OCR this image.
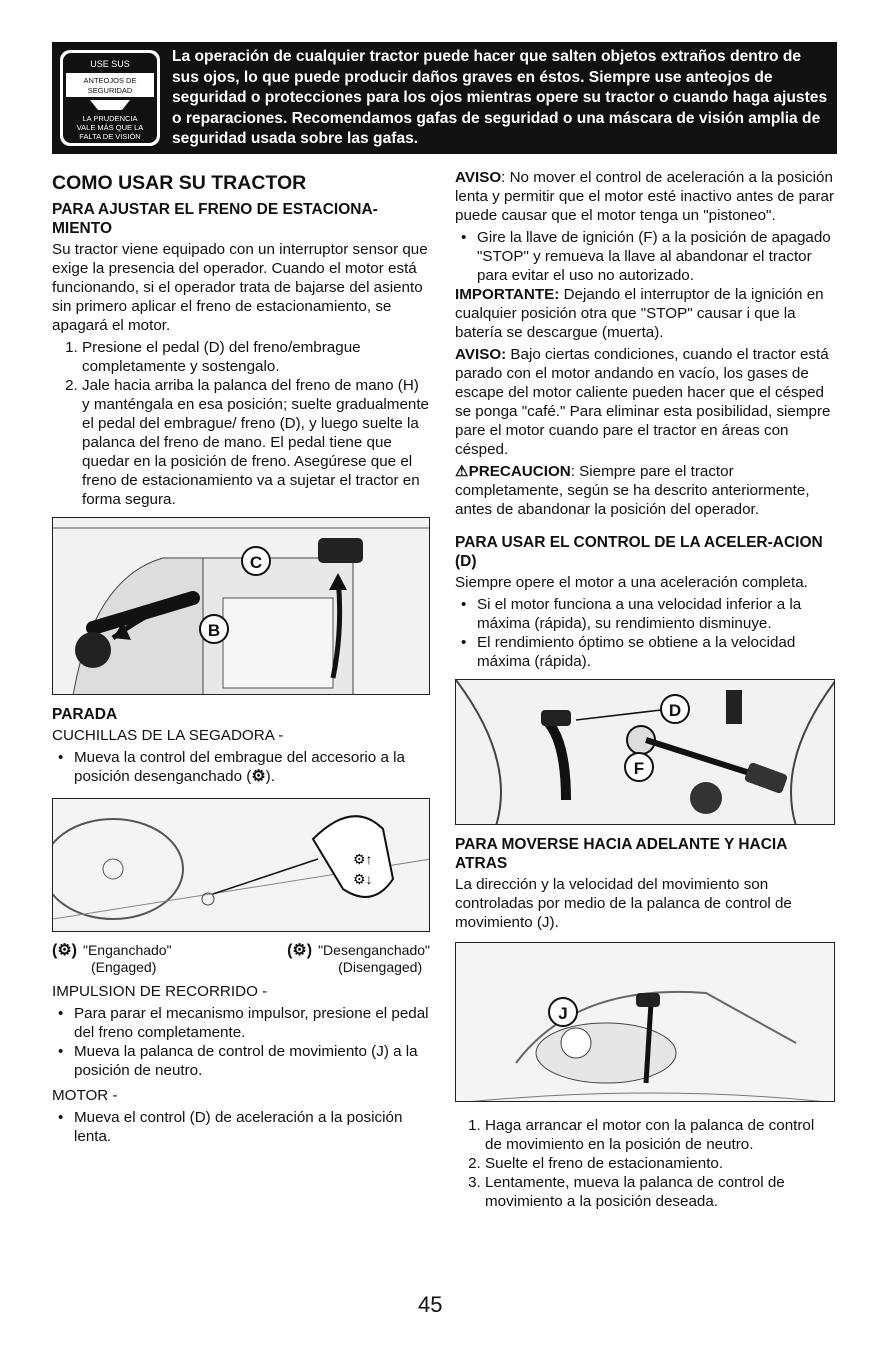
USE SUS
ANTEOJOS DE
SEGURIDAD
LA PRUDENCIA
VALE MÁS QUE LA
FALTA DE VISIÓN
La operación de cualquier tractor puede hacer que salten objetos extraños dentro de sus ojos, lo que puede producir daños graves en éstos. Siempre use anteojos de seguridad o protecciones para los ojos mientras opere su tractor o cuando haga ajustes o reparaciones. Recomendamos gafas de seguridad o una máscara de visión amplia de seguridad usada sobre las gafas.
COMO USAR SU TRACTOR
PARA AJUSTAR EL FRENO DE ESTACIONA-MIENTO

Su tractor viene equipado con un interruptor sensor que exige la presencia del operador. Cuando el motor está funcionando, si el operador trata de bajarse del asiento sin primero aplicar el freno de estacionamiento, se apagará el motor.

1. Presione el pedal (D) del freno/embrague completamente y sostengalo.
2. Jale hacia arriba la palanca del freno de mano (H) y manténgala en esa posición; suelte gradualmente el pedal del embrague/ freno (D), y luego suelte la palanca del freno de mano. El pedal tiene que quedar en la posición de freno. Asegúrese que el freno de estacionamiento va a sujetar el tractor en forma segura.
C
B
PARADA

CUCHILLAS DE LA SEGADORA -

• Mueva la control del embrague del accesorio a la posición desenganchado (⚙).
⚙↑
⚙↓
(⚙) "Enganchado"
(Engaged)
(⚙) "Desenganchado"
(Disengaged)

IMPULSION DE RECORRIDO -

• Para parar el mecanismo impulsor, presione el pedal del freno completamente.
• Mueva la palanca de control de movimiento (J) a la posición de neutro.

MOTOR -

• Mueva el control (D) de aceleración a la posición lenta.

AVISO: No mover el control de aceleración a la posición lenta y permitir que el motor esté inactivo antes de parar puede causar que el motor tenga un "pistoneo".

• Gire la llave de ignición (F) a la posición de apagado "STOP" y remueva la llave al abandonar el tractor para evitar el uso no autorizado.

IMPORTANTE: Dejando el interruptor de la ignición en cualquier posición otra que "STOP" causar i que la batería se descargue (muerta).

AVISO: Bajo ciertas condiciones, cuando el tractor está parado con el motor andando en vacío, los gases de escape del motor caliente pueden hacer que el césped se ponga "café." Para eliminar esta posibilidad, siempre pare el motor cuando pare el tractor en áreas con césped.

⚠PRECAUCION: Siempre pare el tractor completamente, según se ha descrito anteriormente, antes de abandonar la posición del operador.

PARA USAR EL CONTROL DE LA ACELER-ACION (D)

Siempre opere el motor a una aceleración completa.

• Si el motor funciona a una velocidad inferior a la máxima (rápida), su rendimiento disminuye.
• El rendimiento óptimo se obtiene a la velocidad máxima (rápida).
D
F
PARA MOVERSE HACIA ADELANTE Y HACIA ATRAS

La dirección y la velocidad del movimiento son controladas por medio de la palanca de control de movimiento (J).

J
1. Haga arrancar el motor con la palanca de control de movimiento en la posición de neutro.
2. Suelte el freno de estacionamiento.
3. Lentamente, mueva la palanca de control de movimiento a la posición deseada.
45
